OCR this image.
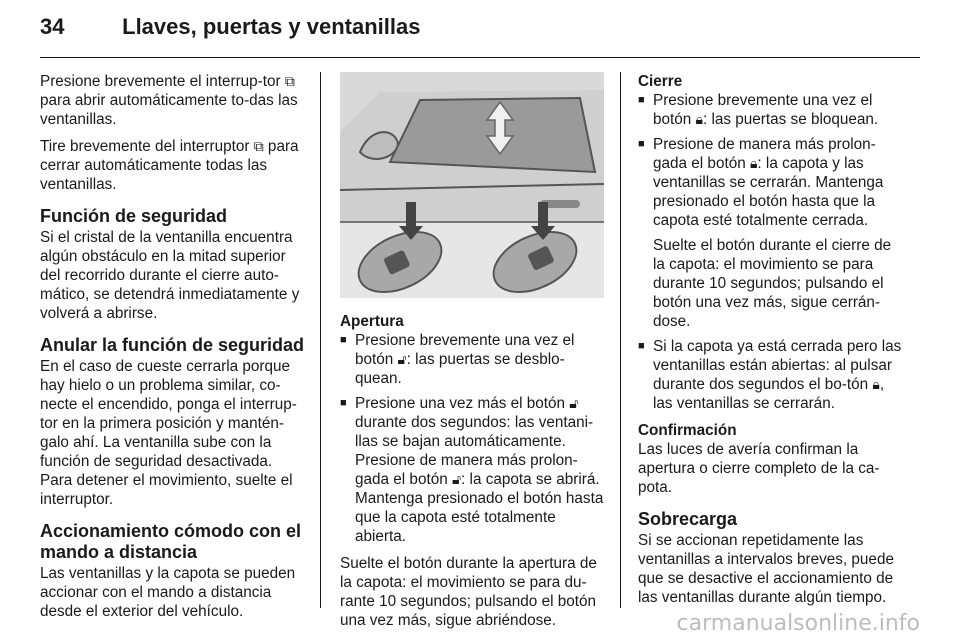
34	Llaves, puertas y ventanillas

Presione brevemente el interrup-tor ⧉ para abrir automáticamente to-das las ventanillas.

Tire brevemente del interruptor ⧉ para cerrar automáticamente todas las ventanillas.

Función de seguridad

Si el cristal de la ventanilla encuentra algún obstáculo en la mitad superior del recorrido durante el cierre auto-mático, se detendrá inmediatamente y volverá a abrirse.

Anular la función de seguridad

En el caso de cueste cerrarla porque hay hielo o un problema similar, co-necte el encendido, ponga el interrup-tor en la primera posición y mantén-galo ahí. La ventanilla sube con la función de seguridad desactivada. Para detener el movimiento, suelte el interruptor.

Accionamiento cómodo con el mando a distancia

Las ventanillas y la capota se pueden accionar con el mando a distancia desde el exterior del vehículo.

Apertura
■ Presione brevemente una vez el botón 🔓︎: las puertas se desblo-quean.
■ Presione una vez más el botón 🔓︎ durante dos segundos: las ventani-llas se bajan automáticamente. Presione de manera más prolon-gada el botón 🔓︎: la capota se abrirá. Mantenga presionado el botón hasta que la capota esté totalmente abierta.

Suelte el botón durante la apertura de la capota: el movimiento se para du-rante 10 segundos; pulsando el botón una vez más, sigue abriéndose.

Cierre
■ Presione brevemente una vez el botón 🔒︎: las puertas se bloquean.
■ Presione de manera más prolon-gada el botón 🔒︎: la capota y las ventanillas se cerrarán. Mantenga presionado el botón hasta que la capota esté totalmente cerrada.
Suelte el botón durante el cierre de la capota: el movimiento se para durante 10 segundos; pulsando el botón una vez más, sigue cerrán-dose.
■ Si la capota ya está cerrada pero las ventanillas están abiertas: al pulsar durante dos segundos el bo-tón 🔒︎, las ventanillas se cerrarán.
Confirmación

Las luces de avería confirman la apertura o cierre completo de la ca-pota.

Sobrecarga

Si se accionan repetidamente las ventanillas a intervalos breves, puede que se desactive el accionamiento de las ventanillas durante algún tiempo.

carmanualsonline.info
